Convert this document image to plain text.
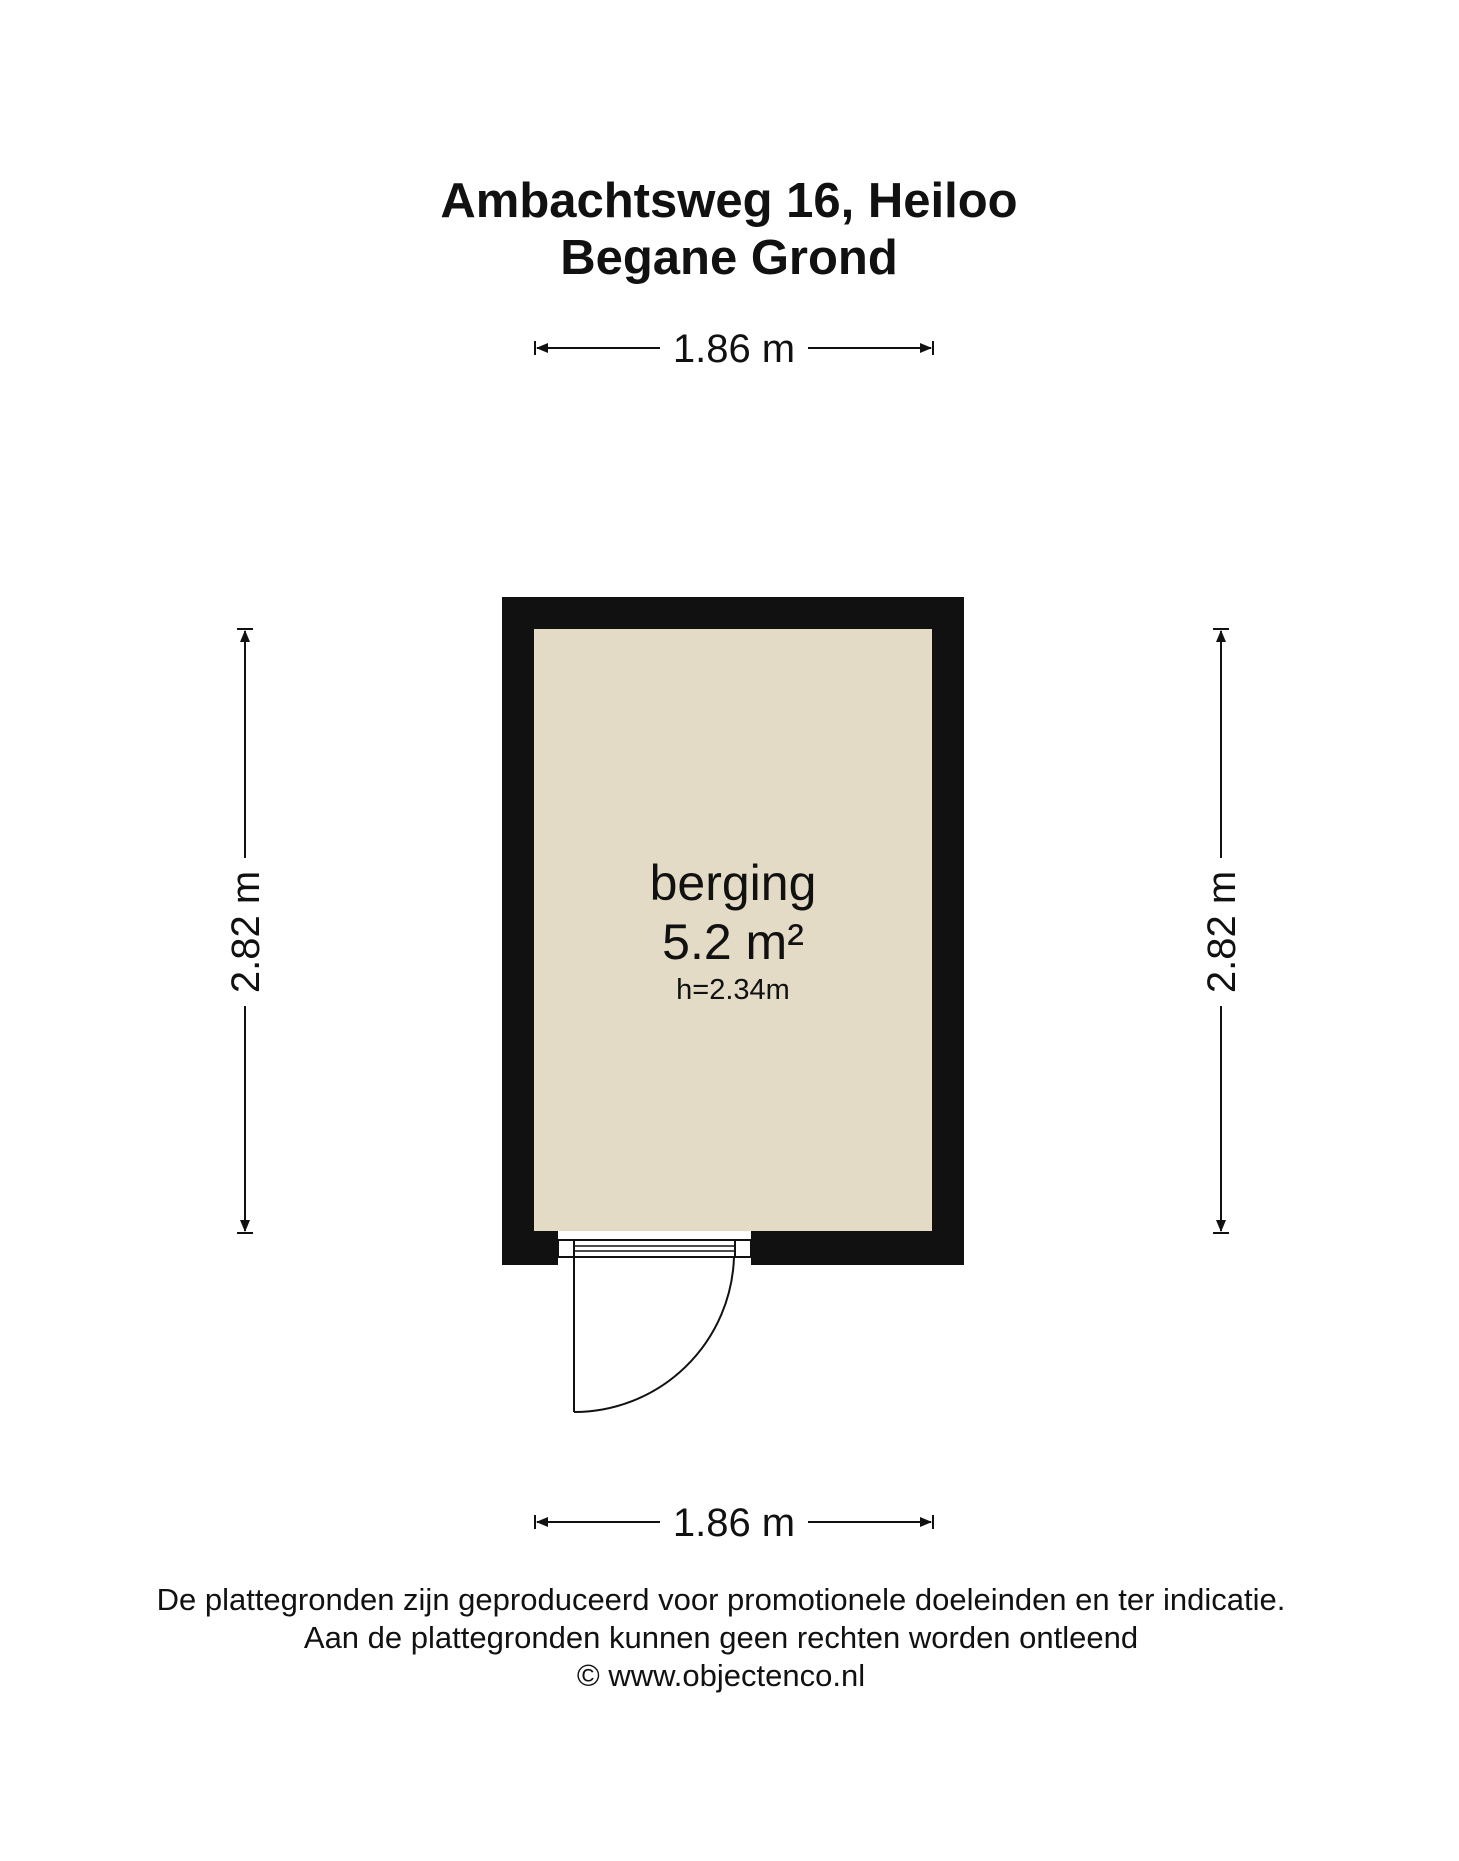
Ambachtsweg 16, Heiloo
Begane Grond
1.86 m
2.82 m	2.82 m
berging
5.2 m²
h=2.34m
1.86 m
De plattegronden zijn geproduceerd voor promotionele doeleinden en ter indicatie.
Aan de plattegronden kunnen geen rechten worden ontleend
© www.objectenco.nl
